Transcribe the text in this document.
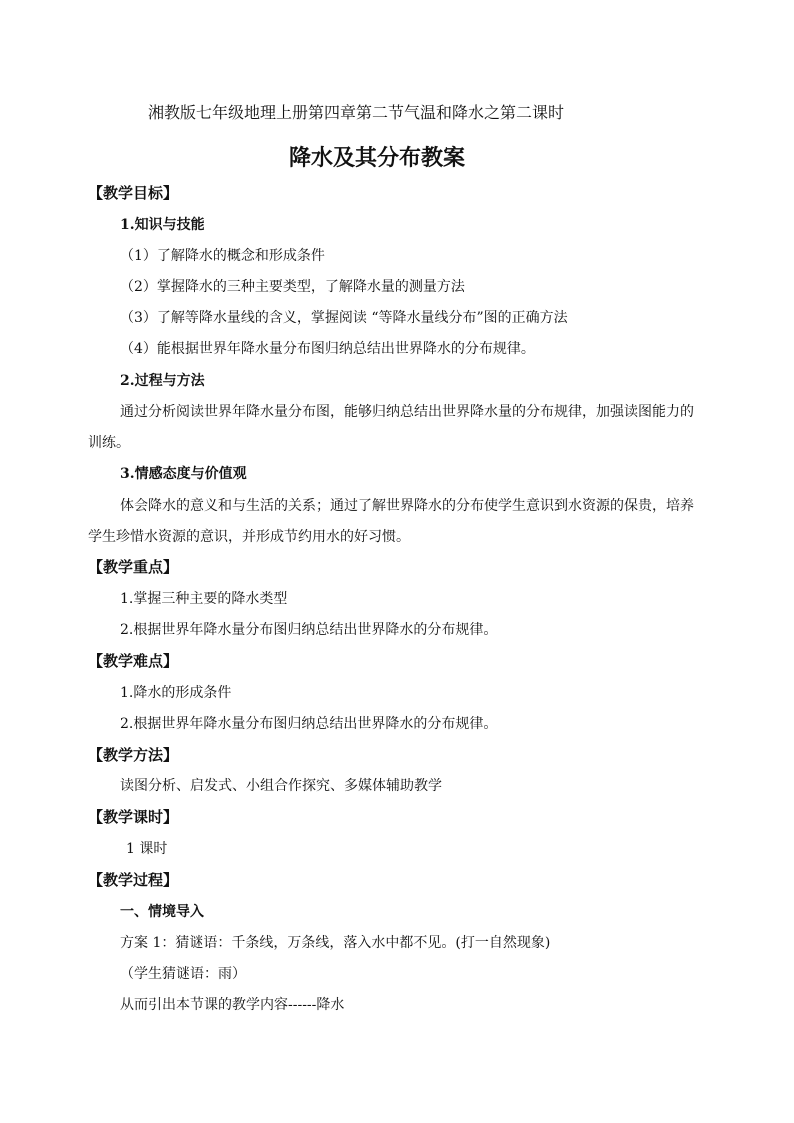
湘教版七年级地理上册第四章第二节气温和降水之第二课时
降水及其分布教案
【教学目标】
1.知识与技能
（1）了解降水的概念和形成条件
（2）掌握降水的三种主要类型，了解降水量的测量方法
（3）了解等降水量线的含义，掌握阅读 “等降水量线分布”图的正确方法
（4）能根据世界年降水量分布图归纳总结出世界降水的分布规律。
2.过程与方法
通过分析阅读世界年降水量分布图，能够归纳总结出世界降水量的分布规律，加强读图能力的
训练。
3.情感态度与价值观
体会降水的意义和与生活的关系；通过了解世界降水的分布使学生意识到水资源的保贵，培养
学生珍惜水资源的意识，并形成节约用水的好习惯。
【教学重点】
1.掌握三种主要的降水类型
2.根据世界年降水量分布图归纳总结出世界降水的分布规律。
【教学难点】
1.降水的形成条件
2.根据世界年降水量分布图归纳总结出世界降水的分布规律。
【教学方法】
读图分析、启发式、小组合作探究、多媒体辅助教学
【教学课时】
1 课时
【教学过程】
一、情境导入
方案 1：猜谜语：千条线，万条线，落入水中都不见。(打一自然现象)
（学生猜谜语：雨）
从而引出本节课的教学内容------降水
